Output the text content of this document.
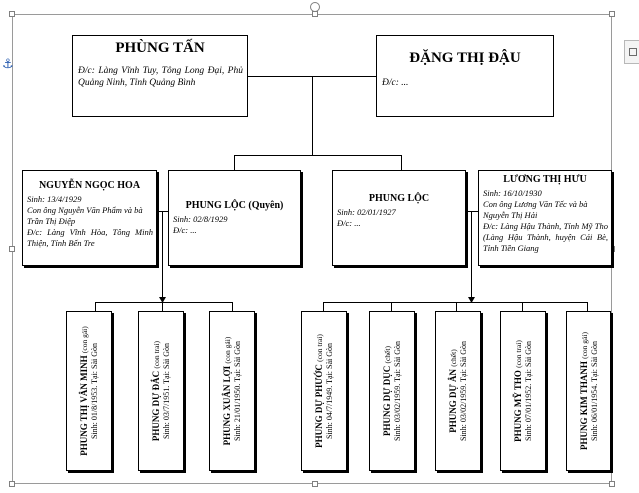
⚓
PHÙNG TẤN
Đ/c: Làng Vĩnh Tuy, Tông Long Đại, Phủ Quảng Ninh, Tỉnh Quảng Bình
ĐẶNG THỊ ĐẬU
Đ/c: ...
NGUYỄN NGỌC HOA
Sinh: 13/4/1929
Con ông Nguyễn Văn Phẩm và bà Trần Thị Điệp
Đ/c: Làng Vĩnh Hòa, Tông Minh Thiện, Tỉnh Bến Tre
PHUNG LỘC (Quyên)
Sinh: 02/8/1929
Đ/c: ...
PHUNG LỘC
Sinh: 02/01/1927
Đ/c: ...
LƯƠNG THỊ HƯU
Sinh: 16/10/1930
Con ông Lương Văn Tếc và bà Nguyễn Thị Hải
Đ/c: Làng Hậu Thành, Tỉnh Mỹ Tho (Làng Hậu Thành, huyện Cái Bè, Tỉnh Tiền Giang
PHUNG THỊ VÂN MINH (con gái)
Sinh: 01/8/1953. Tại: Sài Gòn	PHUNG DỰ ĐẮC (con trai) Sinh: 03/7/1951. Tại: Sài Gòn	PHUNG XUÂN LỢI (con gái) Sinh: 21/01/1950. Tại: Sài Gòn	PHUNG DỰ PHƯỚC (con trai) Sinh: 04/7/1949. Tại: Sài Gòn	PHUNG DỰ DỤC (chết) Sinh: 03/02/1959. Tại: Sài Gòn	PHUNG DỰ ÂN (chết) Sinh: 03/02/1959. Tại: Sài Gòn	PHUNG MỸ THO (con trai) Sinh: 07/01/1952. Tại: Sài Gòn	PHUNG KIM THANH (con gái) Sinh: 06/01/1954. Tại: Sài Gòn
